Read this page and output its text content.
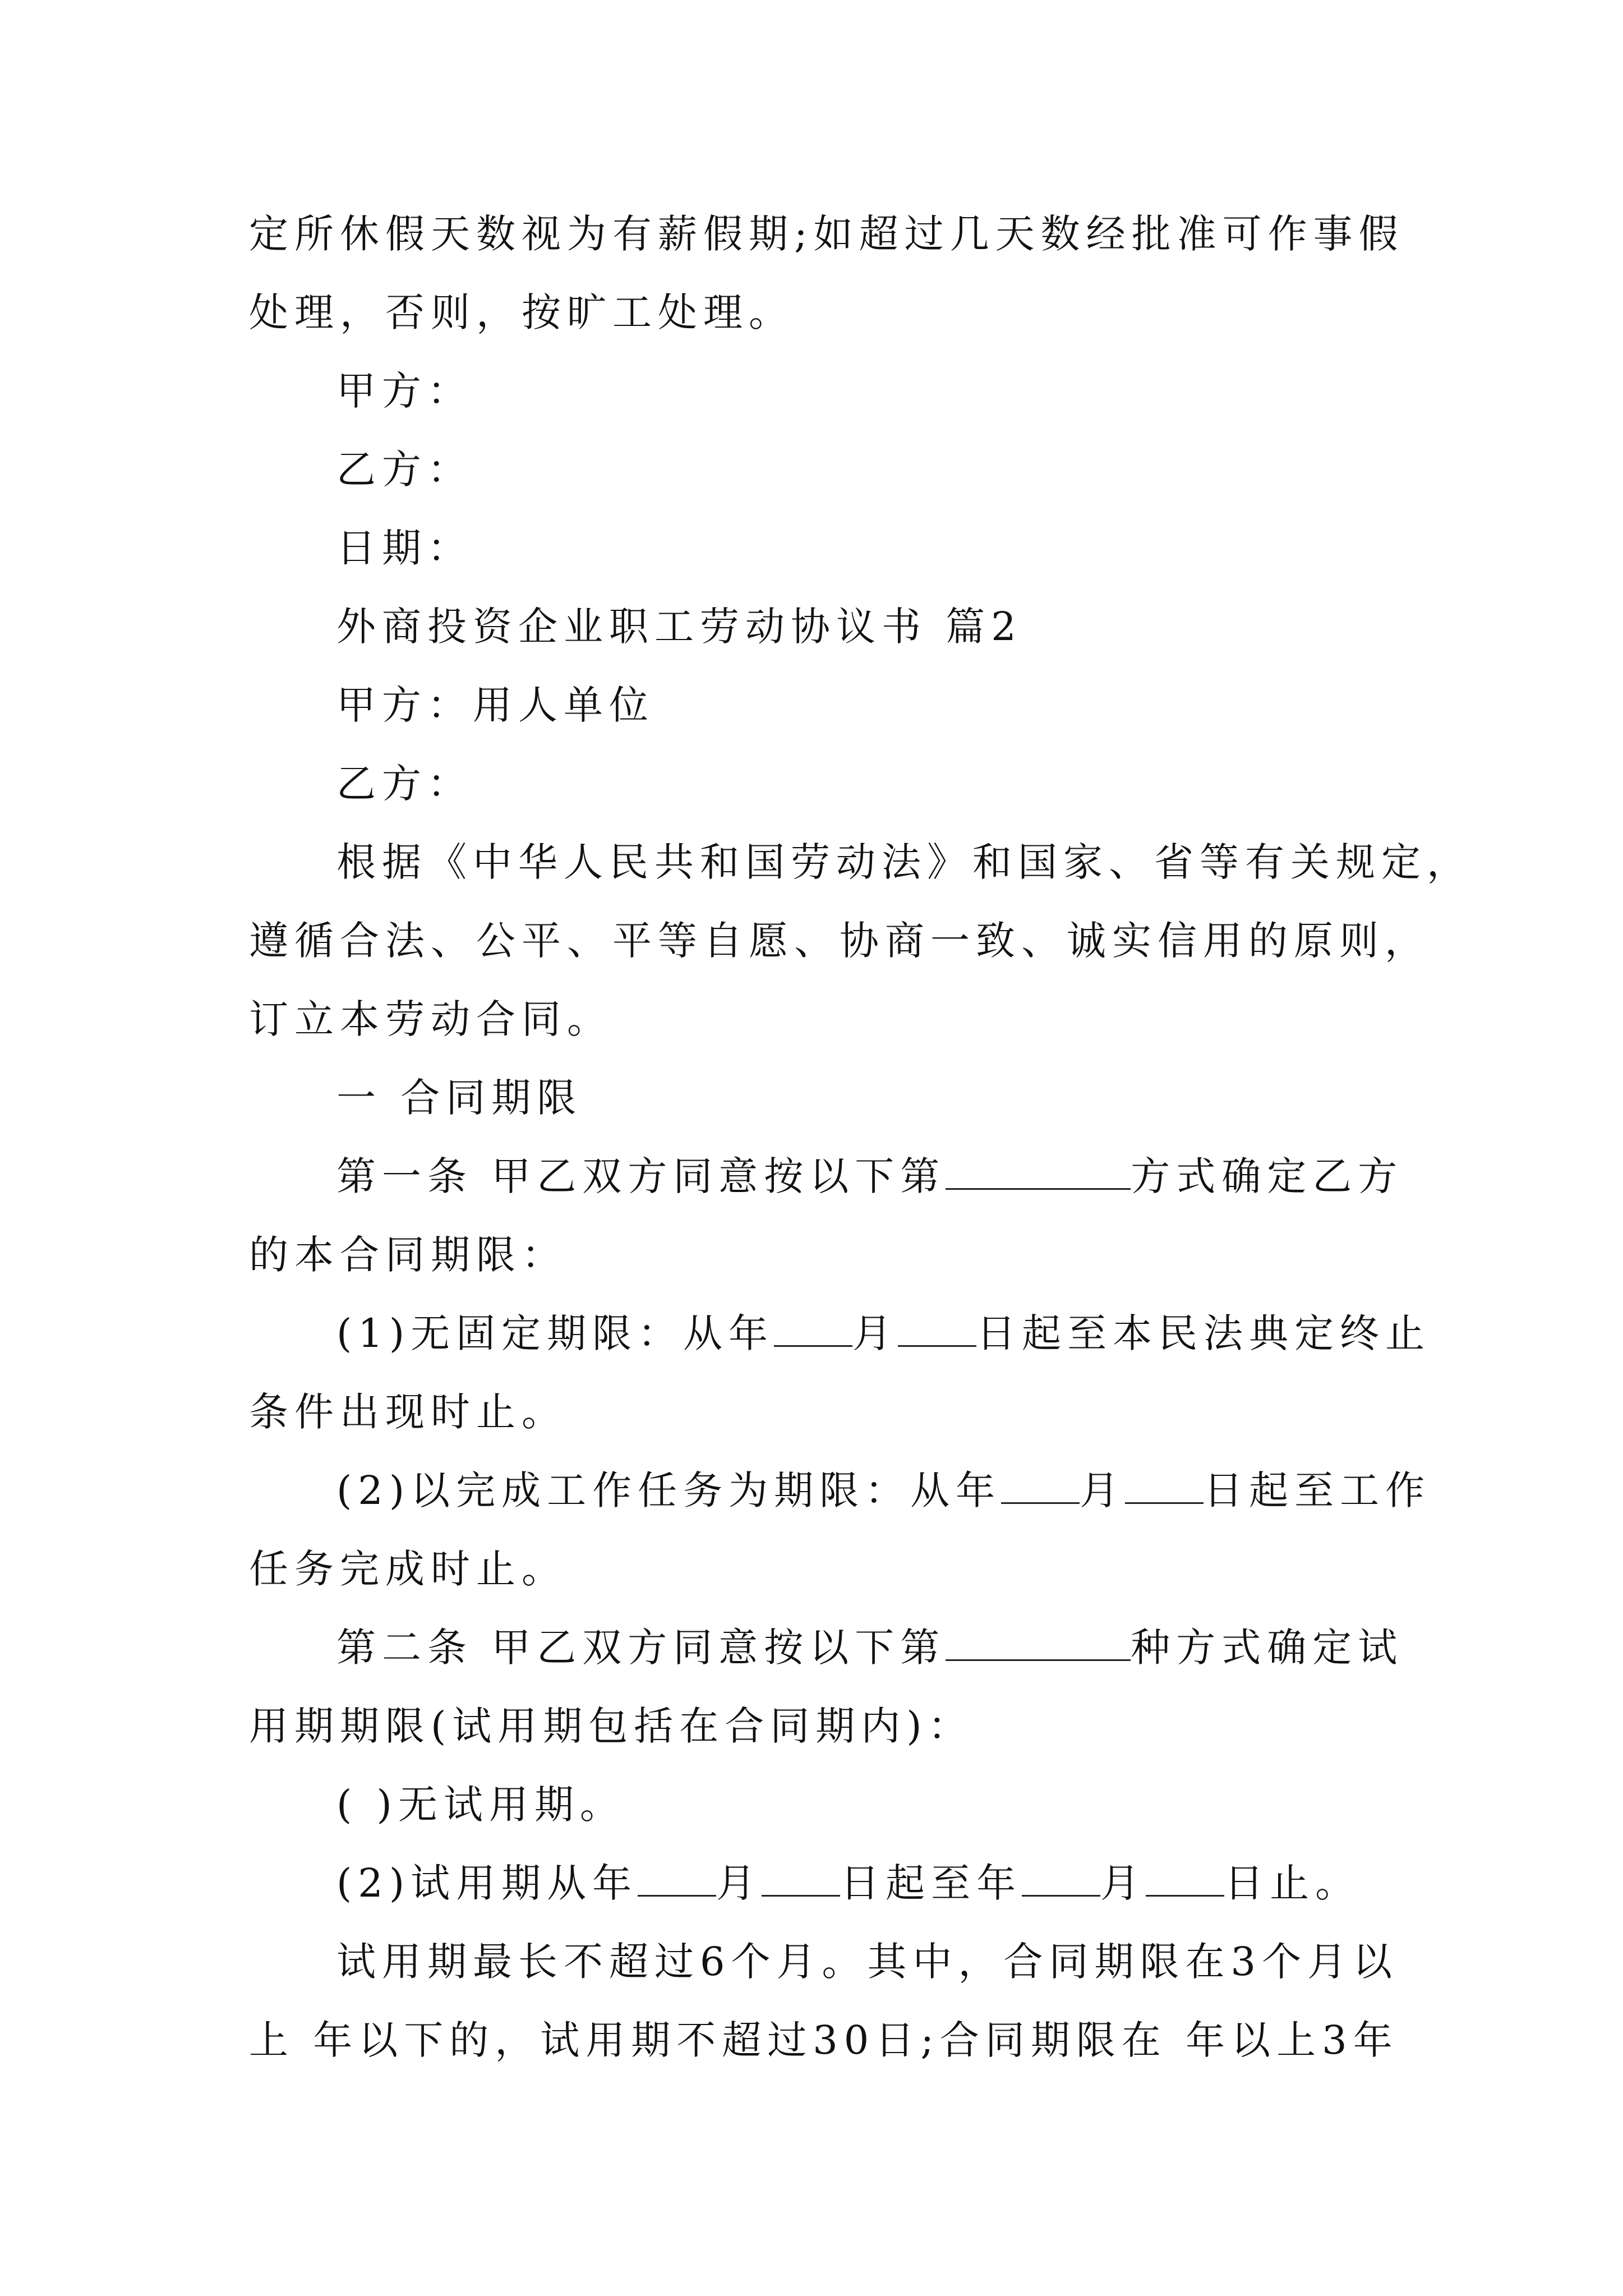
定所休假天数视为有薪假期;如超过几天数经批准可作事假
处理，否则，按旷工处理。
甲方：
乙方：
日期：
外商投资企业职工劳动协议书 篇2
甲方：用人单位
乙方：
根据《中华人民共和国劳动法》和国家、省等有关规定，
遵循合法、公平、平等自愿、协商一致、诚实信用的原则，
订立本劳动合同。
一 合同期限
第一条 甲乙双方同意按以下第	方式确定乙方
的本合同期限：
(1)无固定期限：从年 月 日起至本民法典定终止
条件出现时止。
(2)以完成工作任务为期限：从年 月 日起至工作
任务完成时止。
第二条 甲乙双方同意按以下第	种方式确定试
用期期限(试用期包括在合同期内)：
( )无试用期。
(2)试用期从年 月 日起至年 月 日止。
试用期最长不超过6个月。其中，合同期限在3个月以
上 年以下的，试用期不超过30日;合同期限在 年以上3年
